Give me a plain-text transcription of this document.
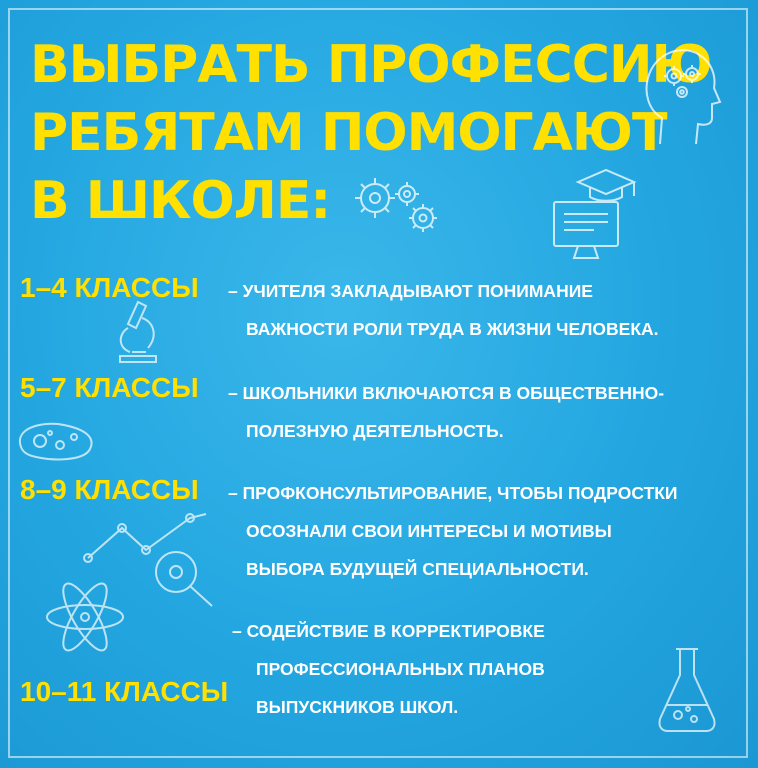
ВЫБРАТЬ ПРОФЕССИЮ
РЕБЯТАМ ПОМОГАЮТ
В ШКОЛЕ:
1–4 КЛАССЫ – УЧИТЕЛЯ ЗАКЛАДЫВАЮТ ПОНИМАНИЕ
ВАЖНОСТИ РОЛИ ТРУДА В ЖИЗНИ ЧЕЛОВЕКА.
5–7 КЛАССЫ – ШКОЛЬНИКИ ВКЛЮЧАЮТСЯ В ОБЩЕСТВЕННО-
ПОЛЕЗНУЮ ДЕЯТЕЛЬНОСТЬ.
8–9 КЛАССЫ – ПРОФКОНСУЛЬТИРОВАНИЕ, ЧТОБЫ ПОДРОСТКИ
ОСОЗНАЛИ СВОИ ИНТЕРЕСЫ И МОТИВЫ
ВЫБОРА БУДУЩЕЙ СПЕЦИАЛЬНОСТИ.
– СОДЕЙСТВИЕ В КОРРЕКТИРОВКЕ
ПРОФЕССИОНАЛЬНЫХ ПЛАНОВ
ВЫПУСКНИКОВ ШКОЛ.
10–11 КЛАССЫ
